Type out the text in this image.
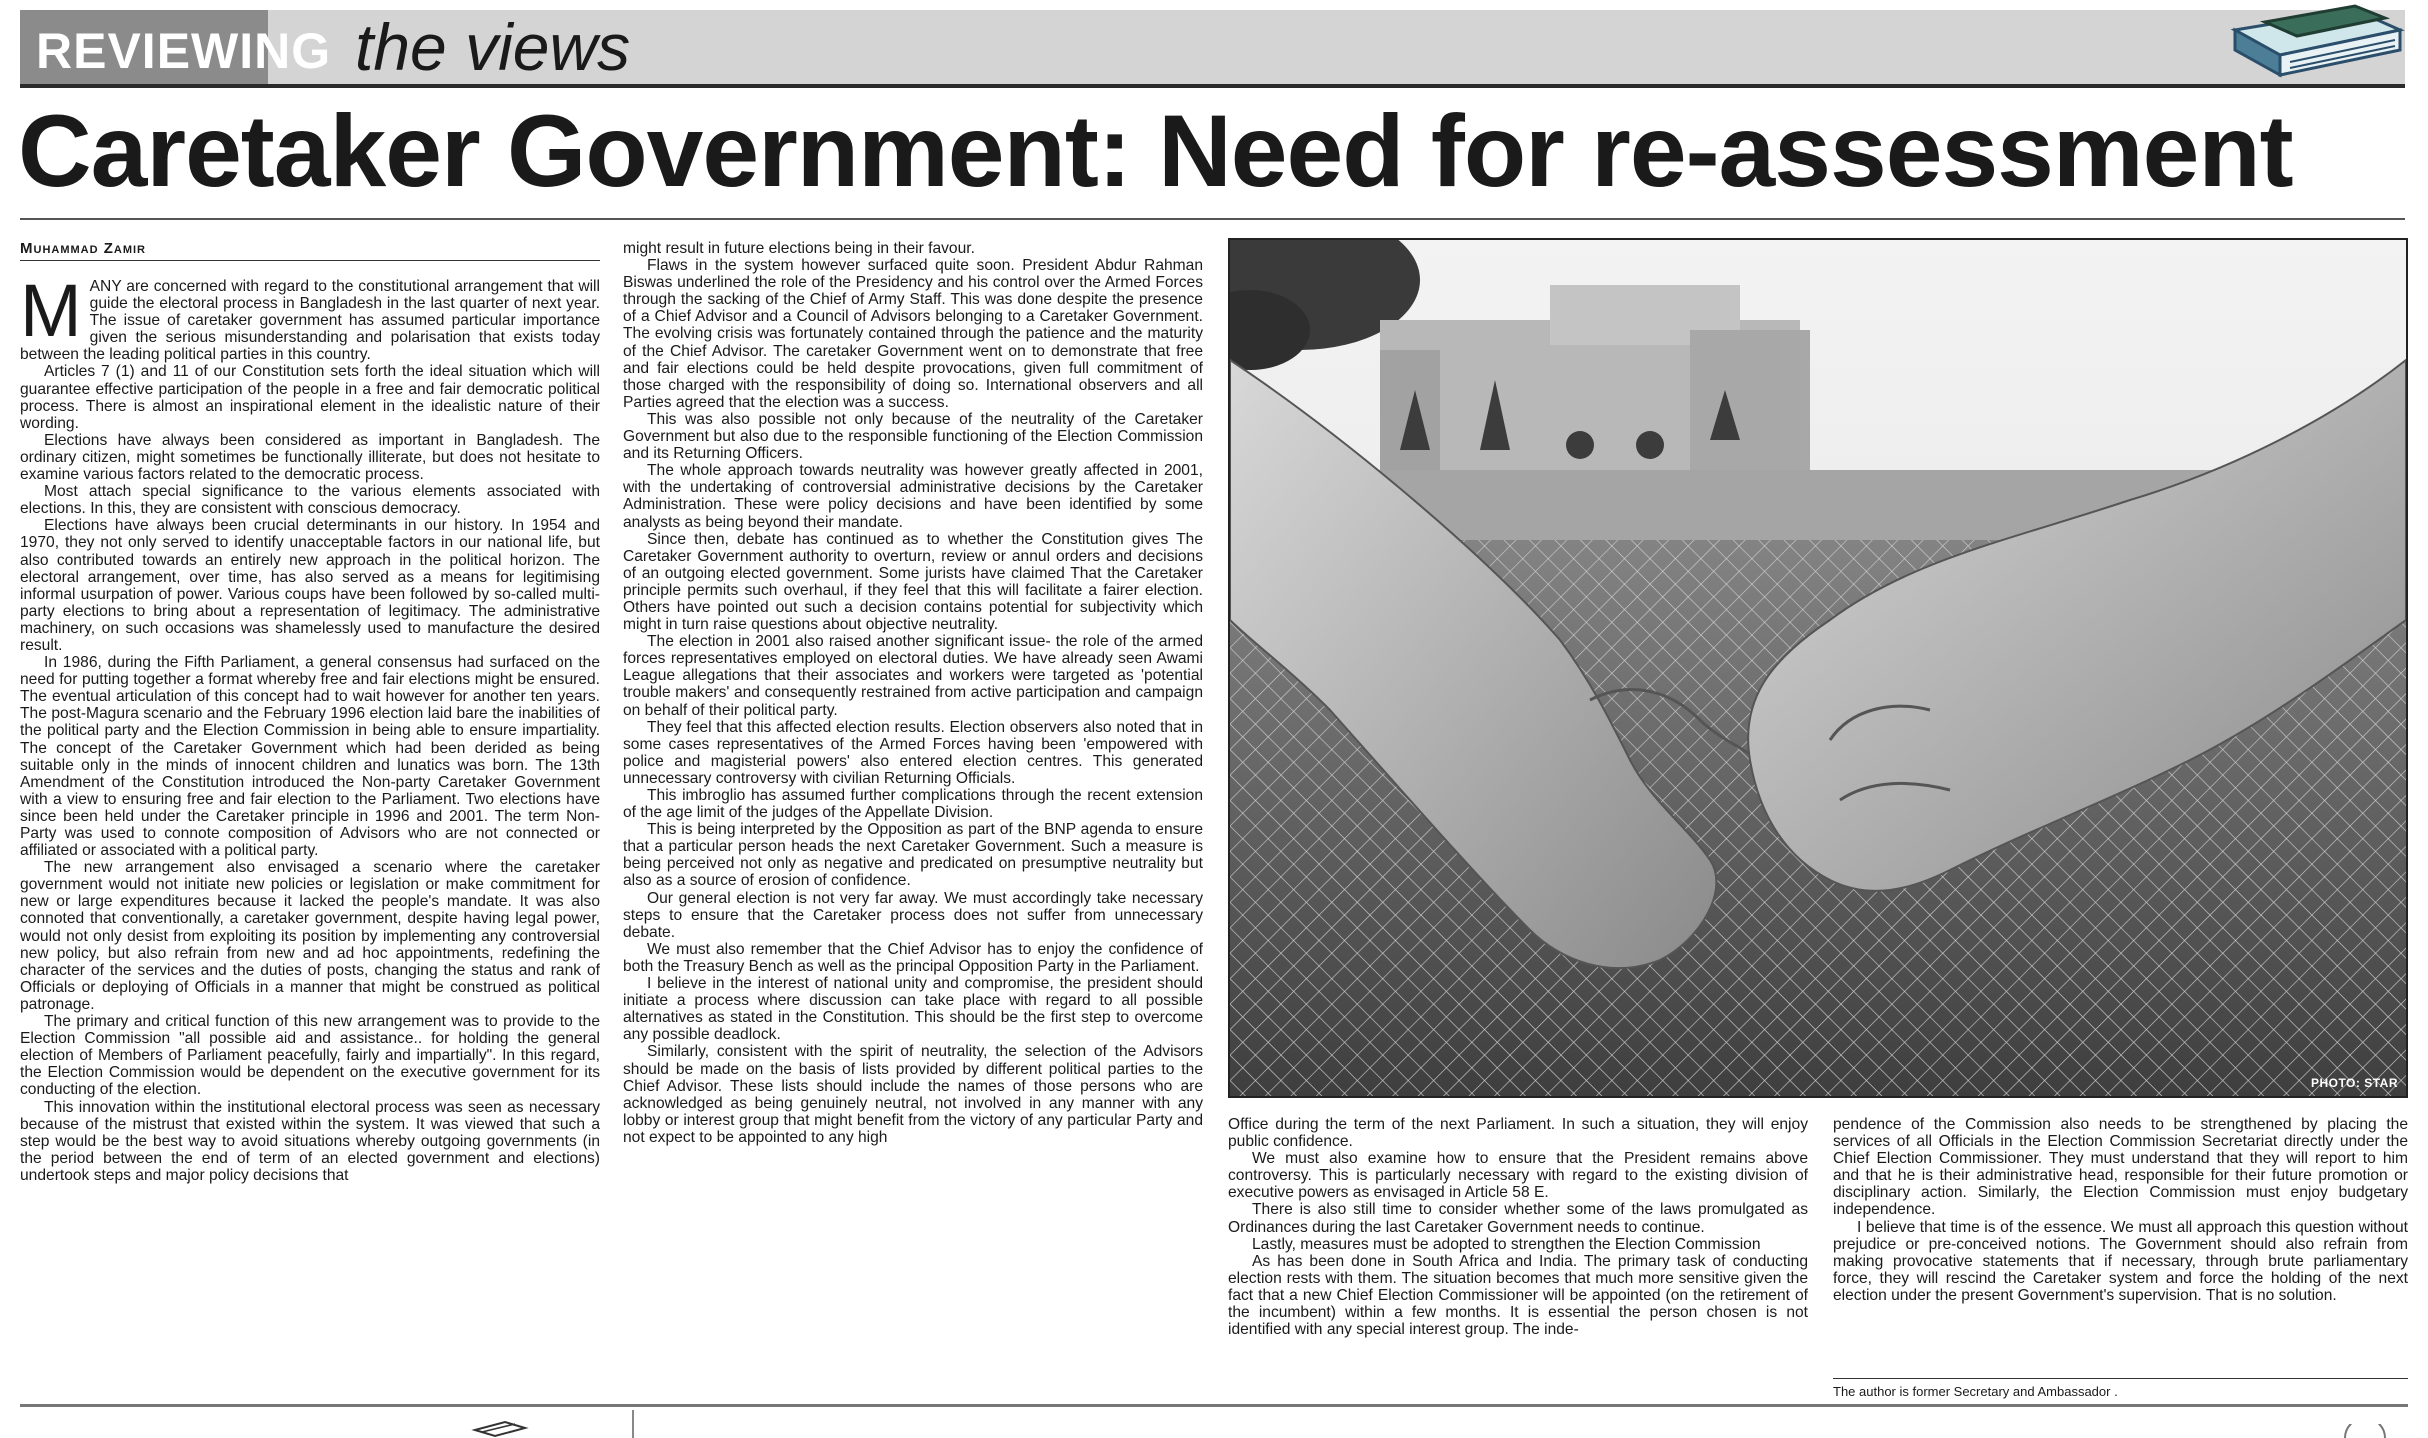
REVIEWING the views
Caretaker Government: Need for re-assessment
Muhammad Zamir

MANY are concerned with regard to the constitutional arrangement that will guide the electoral process in Bangladesh in the last quarter of next year. The issue of caretaker government has assumed particular importance given the serious misunderstanding and polarisation that exists today between the leading political parties in this country.

Articles 7 (1) and 11 of our Constitution sets forth the ideal situation which will guarantee effective participation of the people in a free and fair democratic political process. There is almost an inspirational element in the idealistic nature of their wording.

Elections have always been considered as important in Bangladesh. The ordinary citizen, might sometimes be functionally illiterate, but does not hesitate to examine various factors related to the democratic process.

Most attach special significance to the various elements associated with elections. In this, they are consistent with conscious democracy.

Elections have always been crucial determinants in our history. In 1954 and 1970, they not only served to identify unacceptable factors in our national life, but also contributed towards an entirely new approach in the political horizon. The electoral arrangement, over time, has also served as a means for legitimising informal usurpation of power. Various coups have been followed by so-called multi-party elections to bring about a representation of legitimacy. The administrative machinery, on such occasions was shamelessly used to manufacture the desired result.

In 1986, during the Fifth Parliament, a general consensus had surfaced on the need for putting together a format whereby free and fair elections might be ensured. The eventual articulation of this concept had to wait however for another ten years. The post-Magura scenario and the February 1996 election laid bare the inabilities of the political party and the Election Commission in being able to ensure impartiality. The concept of the Caretaker Government which had been derided as being suitable only in the minds of innocent children and lunatics was born. The 13th Amendment of the Constitution introduced the Non-party Caretaker Government with a view to ensuring free and fair election to the Parliament. Two elections have since been held under the Caretaker principle in 1996 and 2001. The term Non-Party was used to connote composition of Advisors who are not connected or affiliated or associated with a political party.

The new arrangement also envisaged a scenario where the caretaker government would not initiate new policies or legislation or make commitment for new or large expenditures because it lacked the people's mandate. It was also connoted that conventionally, a caretaker government, despite having legal power, would not only desist from exploiting its position by implementing any controversial new policy, but also refrain from new and ad hoc appointments, redefining the character of the services and the duties of posts, changing the status and rank of Officials or deploying of Officials in a manner that might be construed as political patronage.

The primary and critical function of this new arrangement was to provide to the Election Commission "all possible aid and assistance.. for holding the general election of Members of Parliament peacefully, fairly and impartially". In this regard, the Election Commission would be dependent on the executive government for its conducting of the election.

This innovation within the institutional electoral process was seen as necessary because of the mistrust that existed within the system. It was viewed that such a step would be the best way to avoid situations whereby outgoing governments (in the period between the end of term of an elected government and elections) undertook steps and major policy decisions that

might result in future elections being in their favour.

Flaws in the system however surfaced quite soon. President Abdur Rahman Biswas underlined the role of the Presidency and his control over the Armed Forces through the sacking of the Chief of Army Staff. This was done despite the presence of a Chief Advisor and a Council of Advisors belonging to a Caretaker Government. The evolving crisis was fortunately contained through the patience and the maturity of the Chief Advisor. The caretaker Government went on to demonstrate that free and fair elections could be held despite provocations, given full commitment of those charged with the responsibility of doing so. International observers and all Parties agreed that the election was a success.

This was also possible not only because of the neutrality of the Caretaker Government but also due to the responsible functioning of the Election Commission and its Returning Officers.

The whole approach towards neutrality was however greatly affected in 2001, with the undertaking of controversial administrative decisions by the Caretaker Administration. These were policy decisions and have been identified by some analysts as being beyond their mandate.

Since then, debate has continued as to whether the Constitution gives The Caretaker Government authority to overturn, review or annul orders and decisions of an outgoing elected government. Some jurists have claimed That the Caretaker principle permits such overhaul, if they feel that this will facilitate a fairer election. Others have pointed out such a decision contains potential for subjectivity which might in turn raise questions about objective neutrality.

The election in 2001 also raised another significant issue- the role of the armed forces representatives employed on electoral duties. We have already seen Awami League allegations that their associates and workers were targeted as 'potential trouble makers' and consequently restrained from active participation and campaign on behalf of their political party.

They feel that this affected election results. Election observers also noted that in some cases representatives of the Armed Forces having been 'empowered with police and magisterial powers' also entered election centres. This generated unnecessary controversy with civilian Returning Officials.

This imbroglio has assumed further complications through the recent extension of the age limit of the judges of the Appellate Division.

This is being interpreted by the Opposition as part of the BNP agenda to ensure that a particular person heads the next Caretaker Government. Such a measure is being perceived not only as negative and predicated on presumptive neutrality but also as a source of erosion of confidence.

Our general election is not very far away. We must accordingly take necessary steps to ensure that the Caretaker process does not suffer from unnecessary debate.

We must also remember that the Chief Advisor has to enjoy the confidence of both the Treasury Bench as well as the principal Opposition Party in the Parliament.

I believe in the interest of national unity and compromise, the president should initiate a process where discussion can take place with regard to all possible alternatives as stated in the Constitution. This should be the first step to overcome any possible deadlock.

Similarly, consistent with the spirit of neutrality, the selection of the Advisors should be made on the basis of lists provided by different political parties to the Chief Advisor. These lists should include the names of those persons who are acknowledged as being genuinely neutral, not involved in any manner with any lobby or interest group that might benefit from the victory of any particular Party and not expect to be appointed to any high

PHOTO: STAR

Office during the term of the next Parliament. In such a situation, they will enjoy public confidence.

We must also examine how to ensure that the President remains above controversy. This is particularly necessary with regard to the existing division of executive powers as envisaged in Article 58 E.

There is also still time to consider whether some of the laws promulgated as Ordinances during the last Caretaker Government needs to continue.

Lastly, measures must be adopted to strengthen the Election Commission

As has been done in South Africa and India. The primary task of conducting election rests with them. The situation becomes that much more sensitive given the fact that a new Chief Election Commissioner will be appointed (on the retirement of the incumbent) within a few months. It is essential the person chosen is not identified with any special interest group. The inde-

pendence of the Commission also needs to be strengthened by placing the services of all Officials in the Election Commission Secretariat directly under the Chief Election Commissioner. They must understand that they will report to him and that he is their administrative head, responsible for their future promotion or disciplinary action. Similarly, the Election Commission must enjoy budgetary independence.

I believe that time is of the essence. We must all approach this question without prejudice or pre-conceived notions. The Government should also refrain from making provocative statements that if necessary, through brute parliamentary force, they will rescind the Caretaker system and force the holding of the next election under the present Government's supervision. That is no solution.

The author is former Secretary and Ambassador .
